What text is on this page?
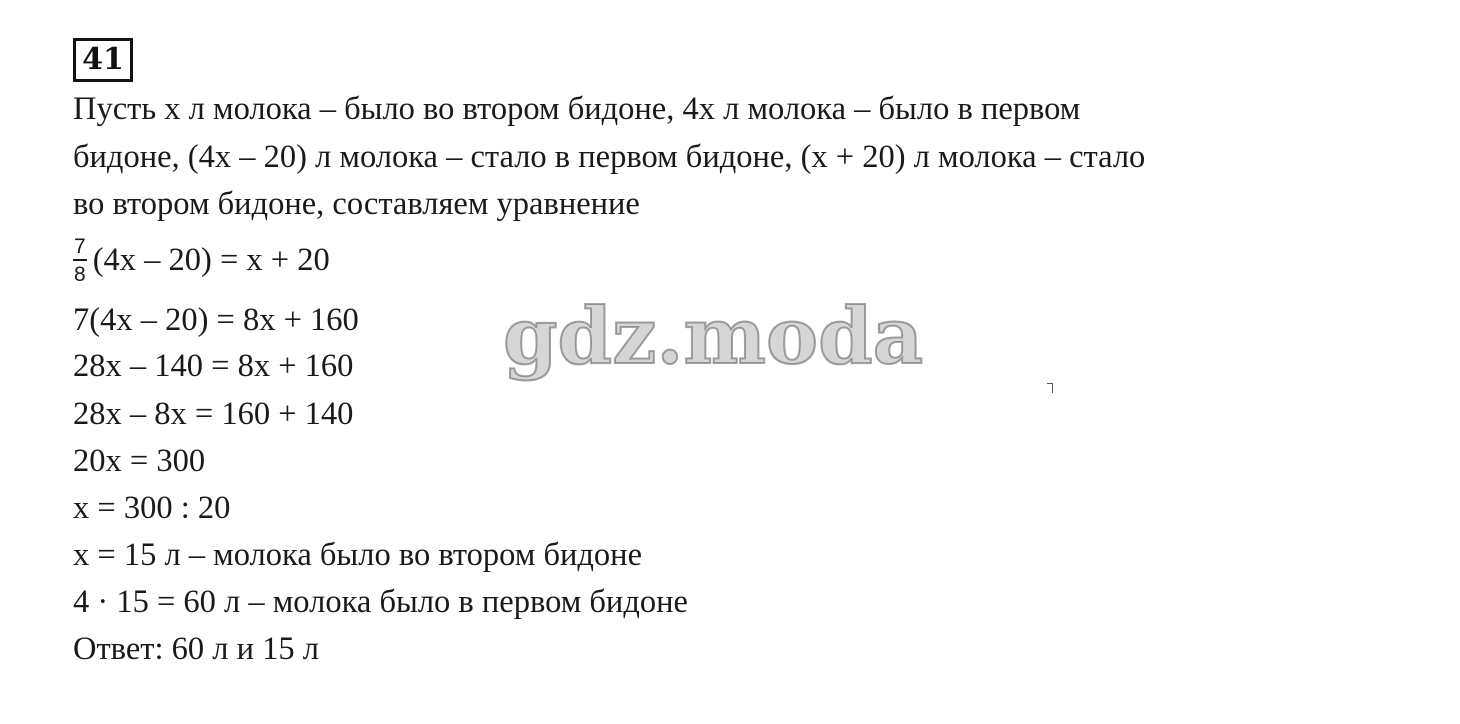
41
Пусть x л молока – было во втором бидоне, 4x л молока – было в первом
бидоне, (4x – 20) л молока – стало в первом бидоне, (x + 20) л молока – стало
во втором бидоне, составляем уравнение
$\frac{7}{8} (4x - 20) = x + 20$
7(4x – 20) = 8x + 160
28x – 140 = 8x + 160
28x – 8x = 160 + 140
20x = 300
x = 300 : 20
x = 15 л – молока было во втором бидоне
4 · 15 = 60 л – молока было в первом бидоне
Ответ: 60 л и 15 л
gdz.moda
